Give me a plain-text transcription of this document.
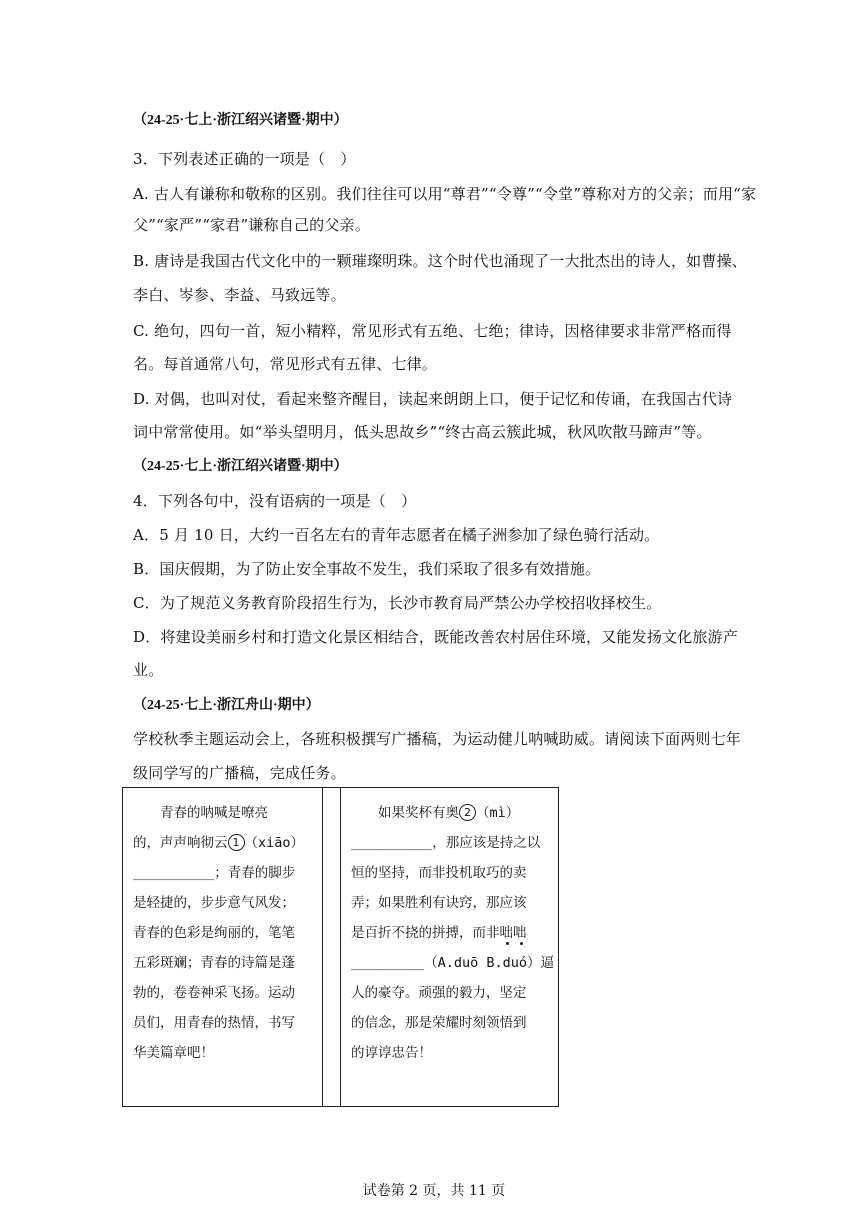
（24-25·七上·浙江绍兴诸暨·期中）
3．下列表述正确的一项是（　）
A. 古人有谦称和敬称的区别。我们往往可以用“尊君”“令尊”“令堂”尊称对方的父亲；而用“家
父”“家严”“家君”谦称自己的父亲。
B. 唐诗是我国古代文化中的一颗璀璨明珠。这个时代也涌现了一大批杰出的诗人，如曹操、
李白、岑参、李益、马致远等。
C. 绝句，四句一首，短小精粹，常见形式有五绝、七绝；律诗，因格律要求非常严格而得
名。每首通常八句，常见形式有五律、七律。
D. 对偶，也叫对仗，看起来整齐醒目，读起来朗朗上口，便于记忆和传诵，在我国古代诗
词中常常使用。如“举头望明月，低头思故乡”“终古高云簇此城，秋风吹散马蹄声”等。
（24-25·七上·浙江绍兴诸暨·期中）
4．下列各句中，没有语病的一项是（　）
A．5 月 10 日，大约一百名左右的青年志愿者在橘子洲参加了绿色骑行活动。
B．国庆假期，为了防止安全事故不发生，我们采取了很多有效措施。
C．为了规范义务教育阶段招生行为，长沙市教育局严禁公办学校招收择校生。
D．将建设美丽乡村和打造文化景区相结合，既能改善农村居住环境，又能发扬文化旅游产
业。
（24-25·七上·浙江舟山·期中）
学校秋季主题运动会上，各班积极撰写广播稿，为运动健儿呐喊助威。请阅读下面两则七年
级同学写的广播稿，完成任务。
青春的呐喊是嘹亮
的，声声响彻云 1 （xiāo）
__________；青春的脚步
是轻捷的，步步意气风发；
青春的色彩是绚丽的，笔笔
五彩斑斓；青春的诗篇是蓬
勃的，卷卷神采飞扬。运动
员们，用青春的热情，书写
华美篇章吧！

如果奖杯有奥 2 （mì）
__________，那应该是持之以
恒的坚持，而非投机取巧的卖
弄；如果胜利有诀窍，那应该
是百折不挠的拼搏，而非咄咄
_________（A.duō B.duó）逼
人的豪夺。顽强的毅力，坚定
的信念，那是荣耀时刻领悟到
的谆谆忠告！
试卷第 2 页，共 11 页
